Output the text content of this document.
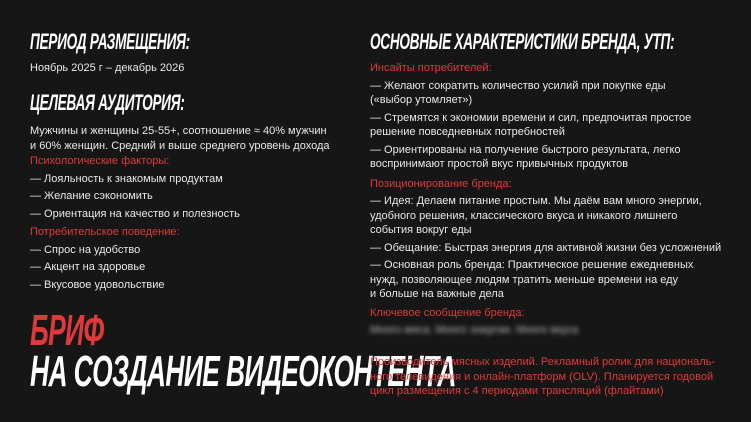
ПЕРИОД РАЗМЕЩЕНИЯ:
Ноябрь 2025 г – декабрь 2026
ЦЕЛЕВАЯ АУДИТОРИЯ:
Мужчины и женщины 25-55+, соотношение ≈ 40% мужчин
и 60% женщин. Средний и выше среднего уровень дохода
Психологические факторы:
— Лояльность к знакомым продуктам
— Желание сэкономить
— Ориентация на качество и полезность
Потребительское поведение:
— Спрос на удобство
— Акцент на здоровье
— Вкусовое удовольствие
БРИФ
НА СОЗДАНИЕ ВИДЕОКОНТЕНТА
ОСНОВНЫЕ ХАРАКТЕРИСТИКИ БРЕНДА, УТП:
Инсайты потребителей:
— Желают сократить количество усилий при покупке еды
(«выбор утомляет»)
— Стремятся к экономии времени и сил, предпочитая простое
решение повседневных потребностей
— Ориентированы на получение быстрого результата, легко
воспринимают простой вкус привычных продуктов
Позиционирование бренда:
— Идея: Делаем питание простым. Мы даём вам много энергии,
удобного решения, классического вкуса и никакого лишнего
события вокруг еды
— Обещание: Быстрая энергия для активной жизни без усложнений
— Основная роль бренда: Практическое решение ежедневных
нужд, позволяющее людям тратить меньше времени на еду
и больше на важные дела
Ключевое сообщение бренда:
Много мяса. Много энергии. Много вкуса
Производитель мясных изделий. Рекламный ролик для националь-
ного телевидения и онлайн-платформ (OLV). Планируется годовой
цикл размещения с 4 периодами трансляций (флайтами)
